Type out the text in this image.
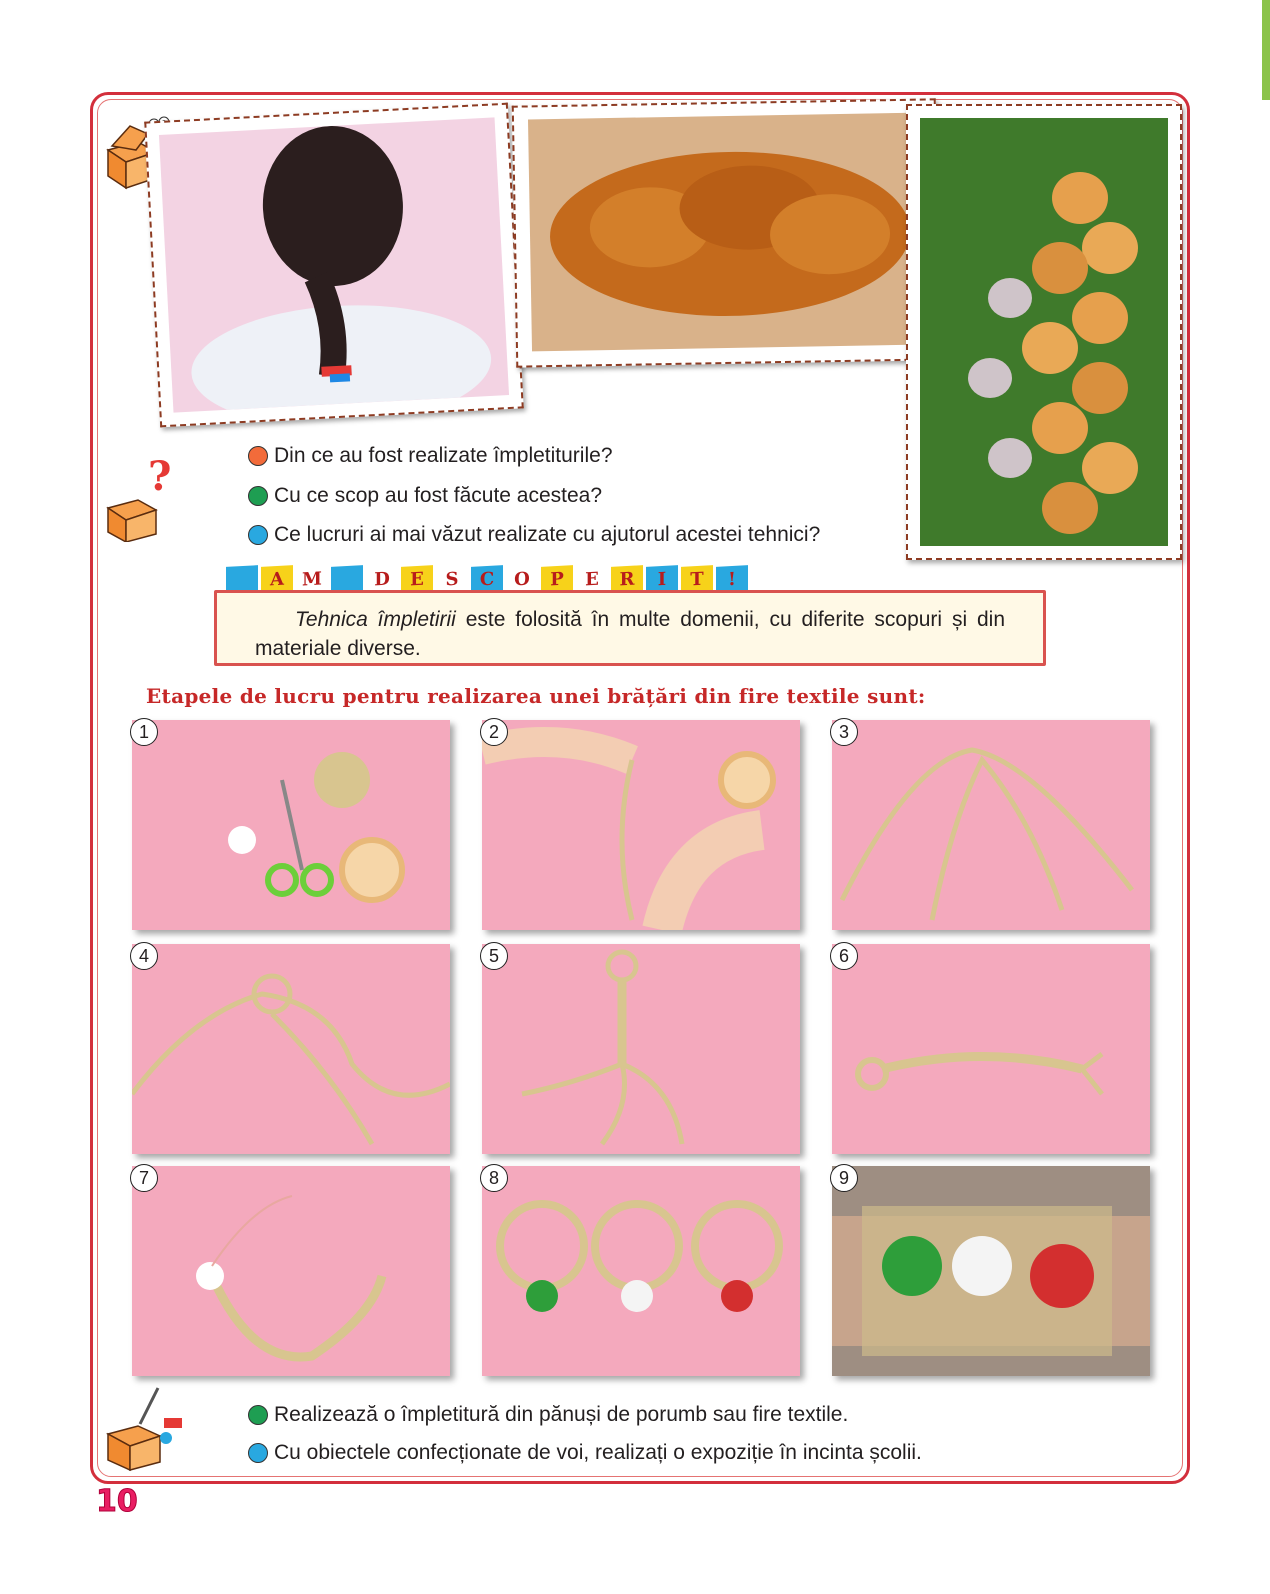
?	Din ce au fost realizate împletiturile?
Cu ce scop au fost făcute acestea?
Ce lucruri ai mai văzut realizate cu ajutorul acestei tehnici?
A	M	D	E	S	C	O	P	E	R	I	T	!

Tehnica împletirii este folosită în multe domenii, cu diferite scopuri și din materiale diverse.

Etapele de lucru pentru realizarea unei brățări din fire textile sunt:
1	2	3
4	5	6
7	8	9
Realizează o împletitură din pănuși de porumb sau fire textile.
Cu obiectele confecționate de voi, realizați o expoziție în incinta școlii.
10
